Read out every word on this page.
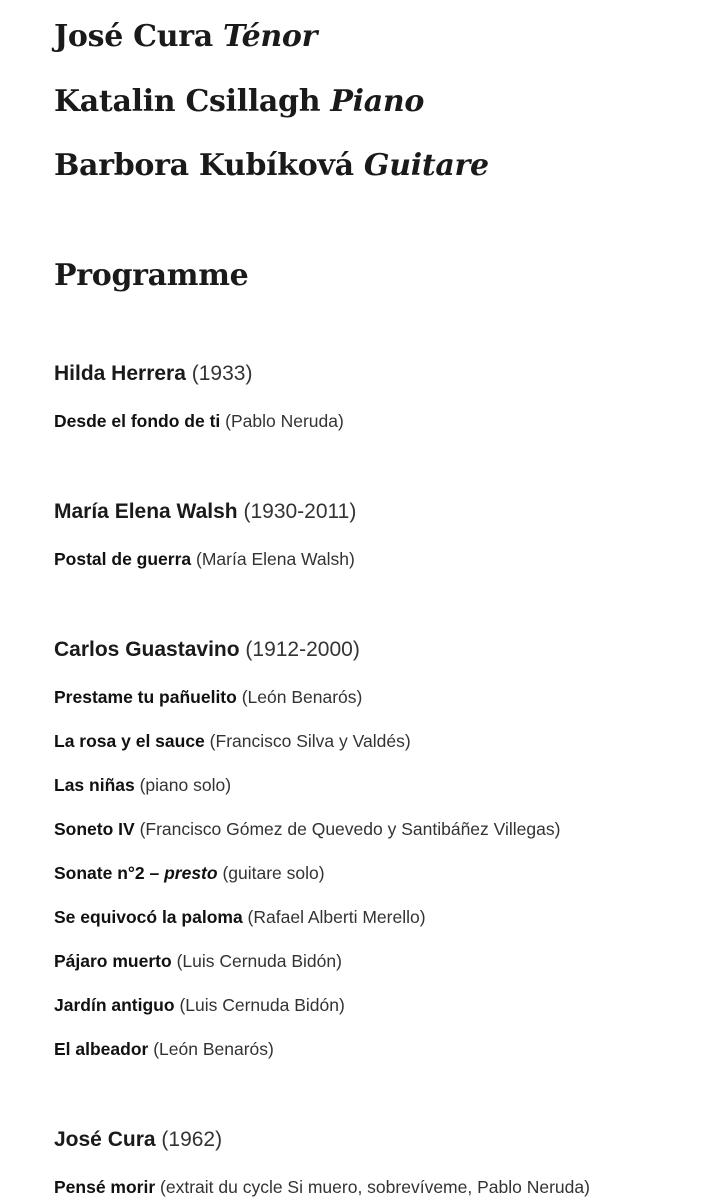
José Cura Ténor
Katalin Csillagh Piano
Barbora Kubíková Guitare
Programme

Hilda Herrera (1933)

Desde el fondo de ti (Pablo Neruda)

María Elena Walsh (1930-2011)

Postal de guerra (María Elena Walsh)

Carlos Guastavino (1912-2000)

Prestame tu pañuelito (León Benarós)
La rosa y el sauce (Francisco Silva y Valdés)
Las niñas (piano solo)
Soneto IV (Francisco Gómez de Quevedo y Santibáñez Villegas)
Sonate n°2 – presto (guitare solo)
Se equivocó la paloma (Rafael Alberti Merello)
Pájaro muerto (Luis Cernuda Bidón)
Jardín antiguo (Luis Cernuda Bidón)
El albeador (León Benarós)

José Cura (1962)

Pensé morir (extrait du cycle Si muero, sobrevíveme, Pablo Neruda)
